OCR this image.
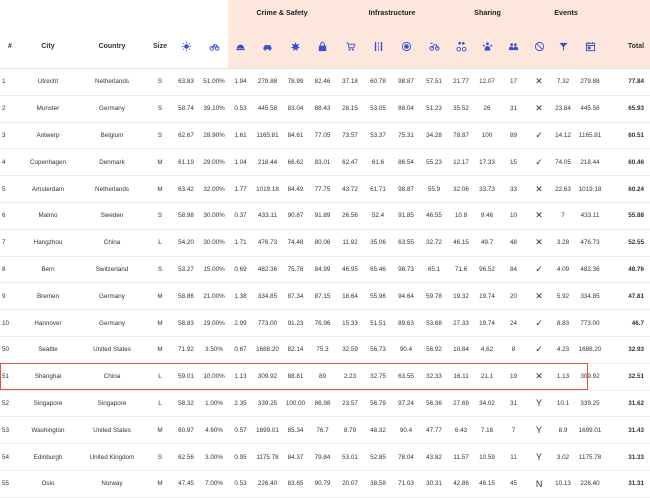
						Crime & Safety				Infrastructure				Sharing			Events			
#	City	Country	Size																	Total
1	Utrecht	Netherlands	S	63.83	51.00%	1.94	279.88	78.99	82.46	37.18	60.78	98.87	57.51	21.77	12.07	17	✕	7.32	279.88	77.84
2	Munster	Germany	S	58.74	39.10%	0.53	445.58	83.04	88.43	28.15	53.05	88.04	51.23	35.52	26	31	✕	23.84	445.58	65.93
3	Antwerp	Belgium	S	62.67	28.90%	1.61	1165.81	84.61	77.05	73.57	53.37	75.31	34.28	78.87	100	89	✓	14.12	1165.81	60.51
4	Copenhagen	Denmark	M	61.19	29.00%	1.04	218.44	66.62	83.01	62.47	61.6	86.54	55.23	12.17	17.33	15	✓	74.05	218.44	60.46
5	Amsterdam	Netherlands	M	63.42	32.00%	1.77	1019.18	84.49	77.75	43.72	61.71	98.87	55.9	32.06	33.73	33	✕	22.63	1019.18	60.24
6	Malmo	Sweden	S	58.98	30.00%	0.37	433.11	90.87	91.89	26.56	52.4	91.85	46.55	10.8	9.46	10	✕	7	433.11	55.88
7	Hangzhou	China	L	54.20	30.00%	1.71	476.73	74.48	80.06	11.92	35.06	63.55	32.72	46.15	49.7	48	✕	3.28	476.73	52.55
8	Bern	Switzerland	S	53.27	15.00%	0.69	482.36	75.78	84.99	46.95	65.46	98.73	65.1	71.6	96.52	84	✓	4.09	482.36	48.76
9	Bremen	Germany	M	58.86	21.00%	1.38	334.85	87.34	87.15	18.64	55.96	94.64	59.78	19.32	19.74	20	✕	5.92	334.85	47.81
10	Hannover	Germany	M	58.83	19.00%	2.99	773.00	91.23	76.96	15.33	51.51	89.63	53.68	27.33	19.74	24	✓	8.83	773.00	46.7
50	Seattle	United States	M	71.92	3.50%	0.67	1688.20	82.14	75.3	32.59	56.73	90.4	56.92	10.84	4.62	8	✓	4.23	1688.20	32.93
51	Shanghai	China	L	59.01	10.00%	1.13	309.92	88.81	89	2.23	32.75	63.55	32.33	16.11	21.1	19	✕	1.13	309.92	32.51
52	Singapore	Singapore	L	58.32	1.00%	2.35	339.25	100.00	86.98	23.57	56.79	97.24	56.36	27.69	34.02	31	Y	10.1	339.25	31.62
53	Washington	United States	M	60.97	4.60%	0.57	1699.01	85.34	76.7	8.79	48.32	90.4	47.77	6.43	7.16	7	Y	8.9	1699.01	31.43
54	Edinburgh	United Kingdom	S	62.56	3.00%	0.95	1175.78	84.37	79.84	53.01	52.85	78.04	43.82	11.57	10.59	11	Y	3.02	1175.78	31.33
55	Oslo	Norway	M	47.45	7.00%	0.53	226.40	83.65	90.79	20.07	38.58	71.03	30.31	42.86	46.15	45	N	10.13	226.40	31.31
